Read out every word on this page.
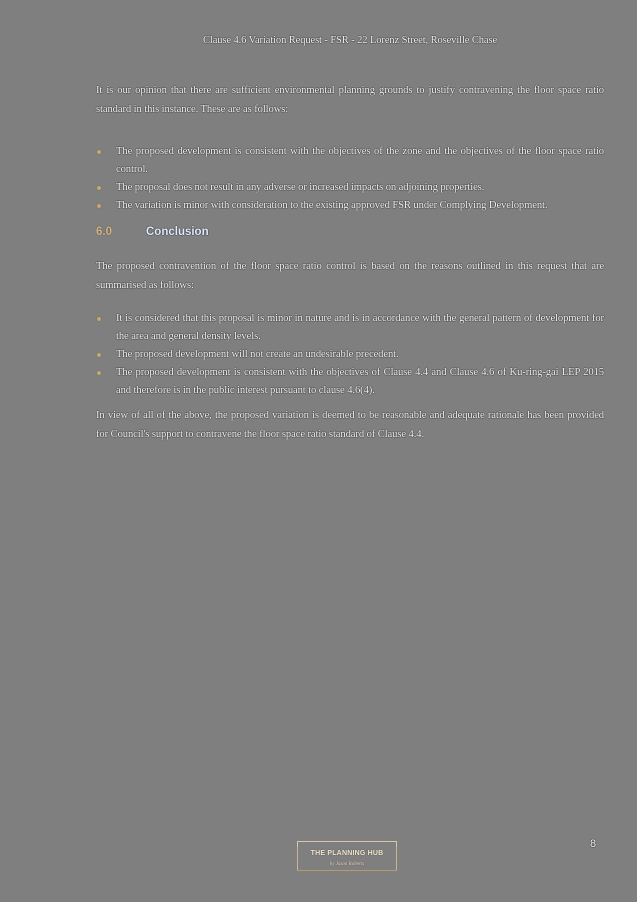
Clause 4.6 Variation Request - FSR - 22 Lorenz Street, Roseville Chase

It is our opinion that there are sufficient environmental planning grounds to justify contravening the floor space ratio standard in this instance. These are as follows:

The proposed development is consistent with the objectives of the zone and the objectives of the floor space ratio control.
The proposal does not result in any adverse or increased impacts on adjoining properties.
The variation is minor with consideration to the existing approved FSR under Complying Development.
6.0	Conclusion

The proposed contravention of the floor space ratio control is based on the reasons outlined in this request that are summarised as follows:

It is considered that this proposal is minor in nature and is in accordance with the general pattern of development for the area and general density levels.
The proposed development will not create an undesirable precedent.
The proposed development is consistent with the objectives of Clause 4.4 and Clause 4.6 of Ku-ring-gai LEP 2015 and therefore is in the public interest pursuant to clause 4.6(4).

In view of all of the above, the proposed variation is deemed to be reasonable and adequate rationale has been provided for Council's support to contravene the floor space ratio standard of Clause 4.4.

THE PLANNING HUB
by Jason Roberts
8
